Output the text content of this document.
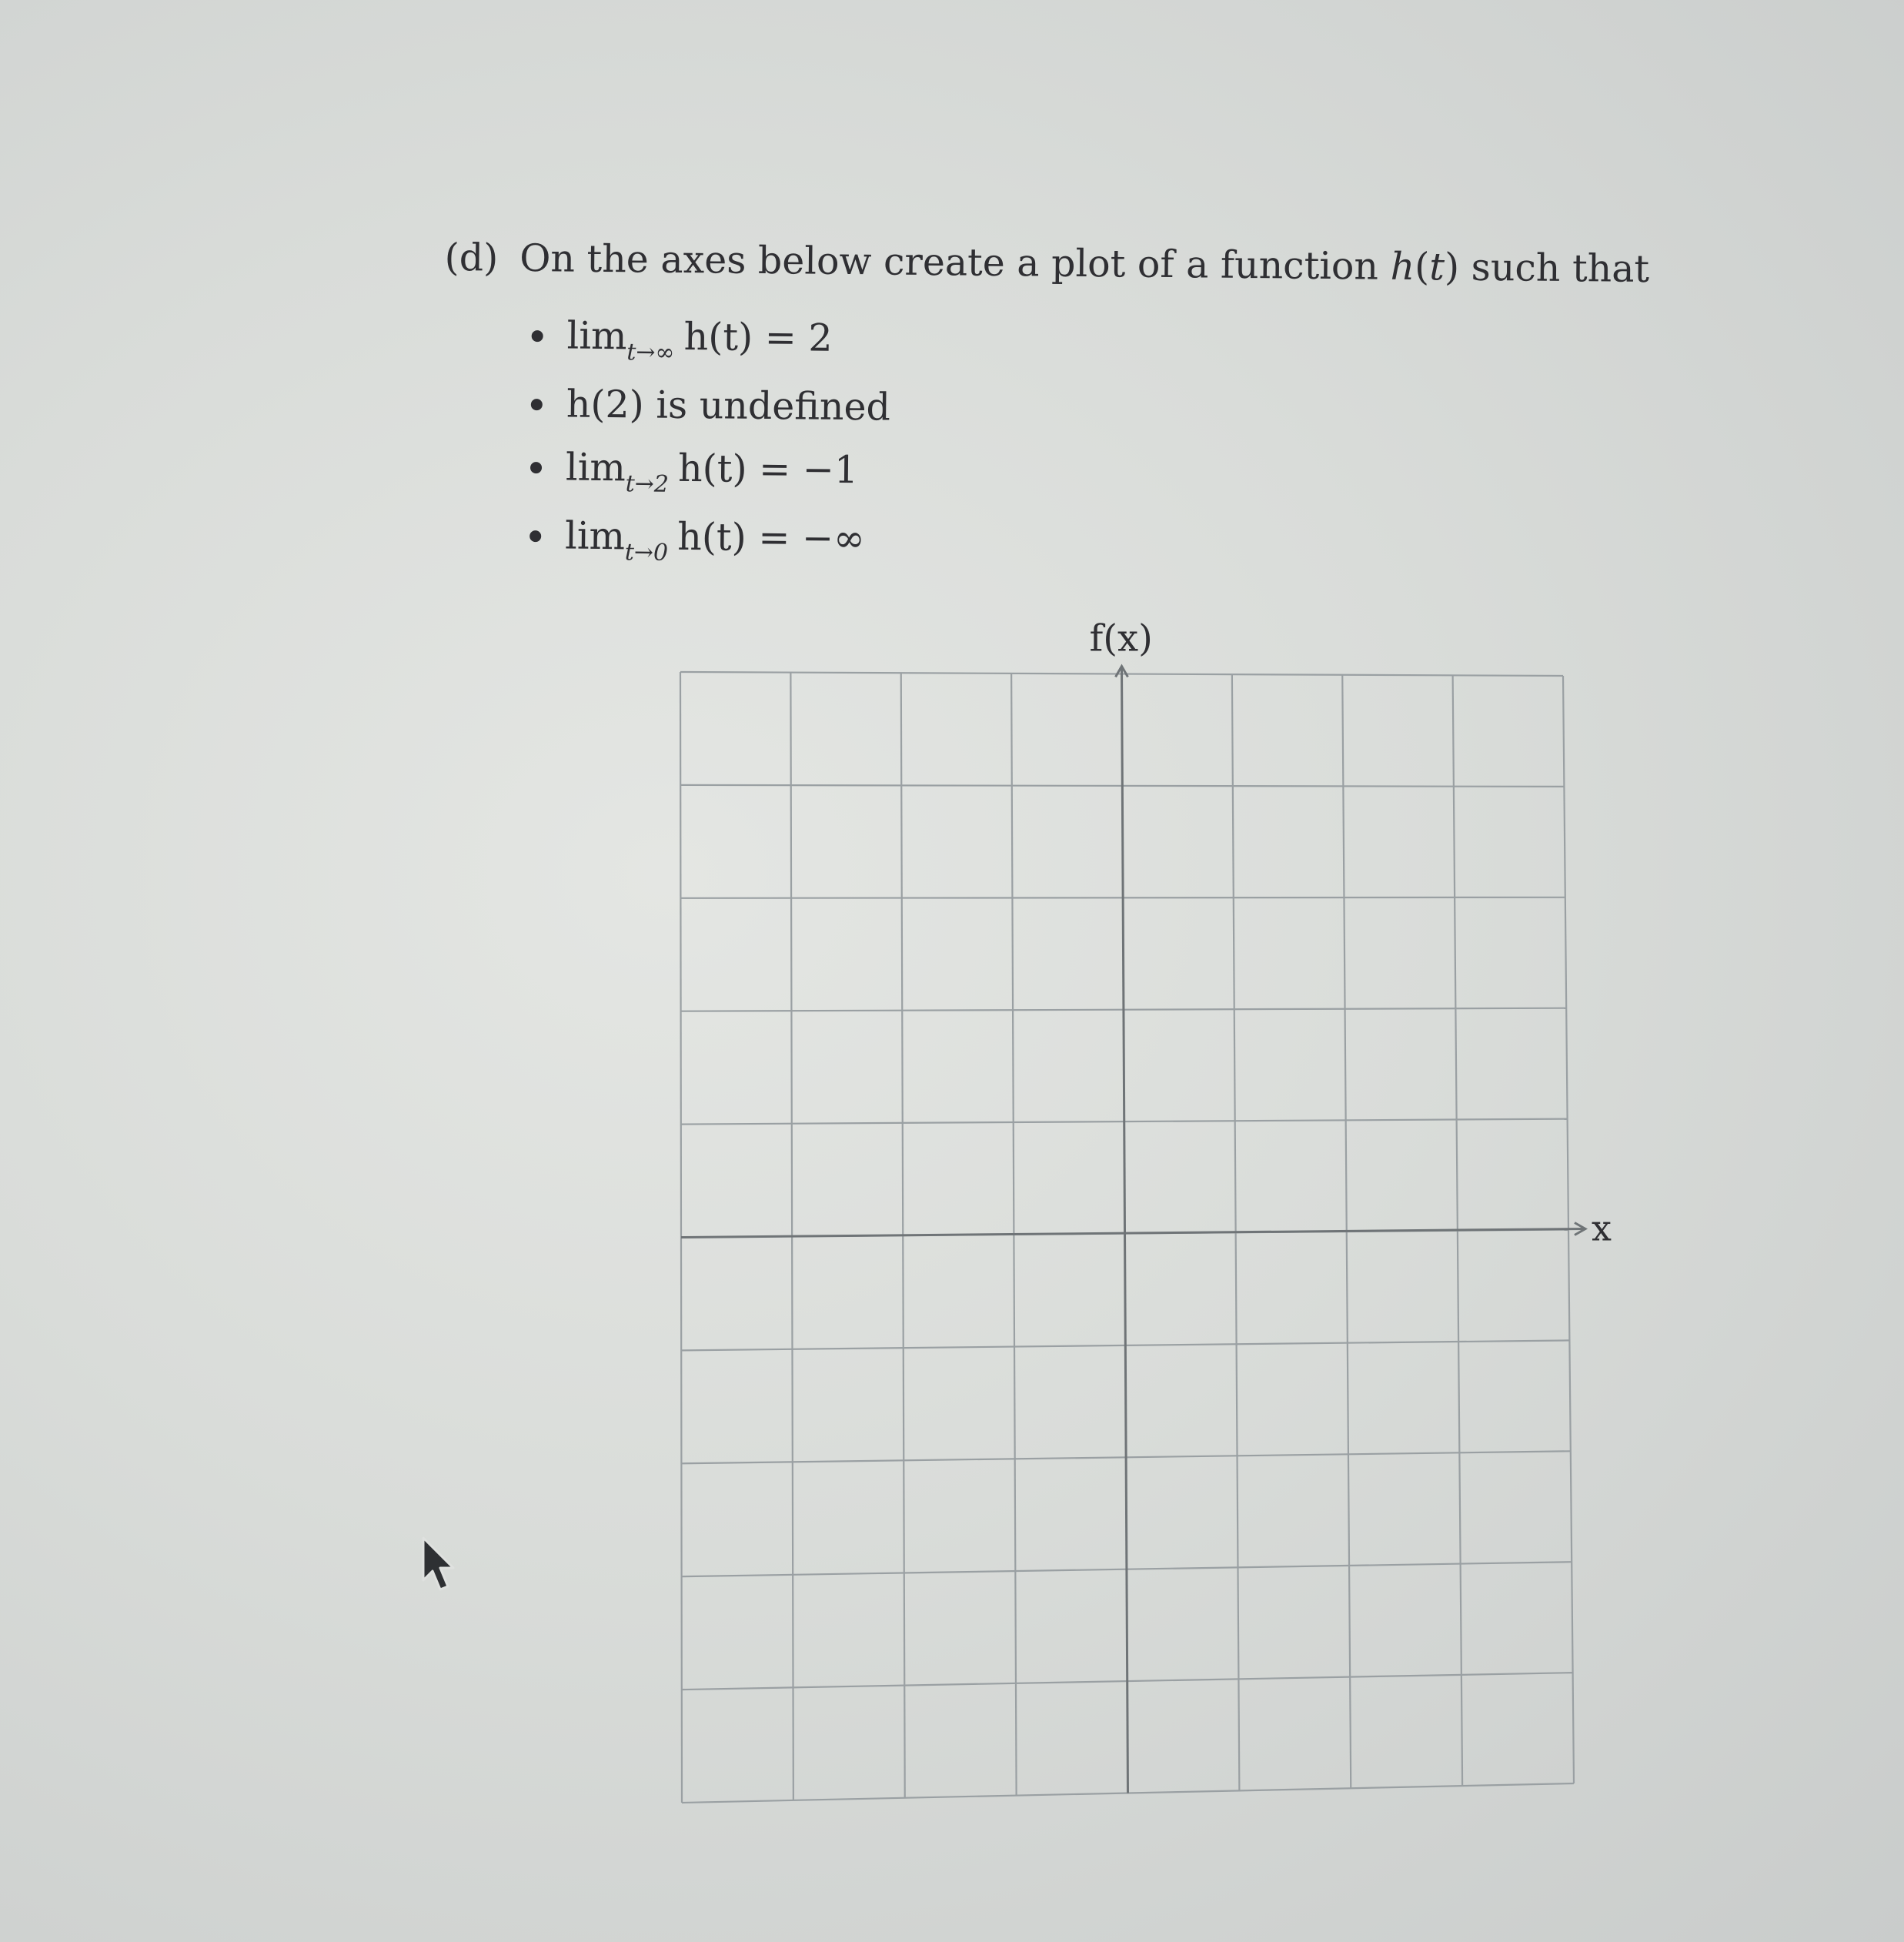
(d) On the axes below create a plot of a function h(t) such that
$\lim_{t\to\infty} h(t) = 2$
h(2) is undefined
$\lim_{t\to 2} h(t) = -1$
$\lim_{t\to 0} h(t)$ = −∞
f(x)
x
